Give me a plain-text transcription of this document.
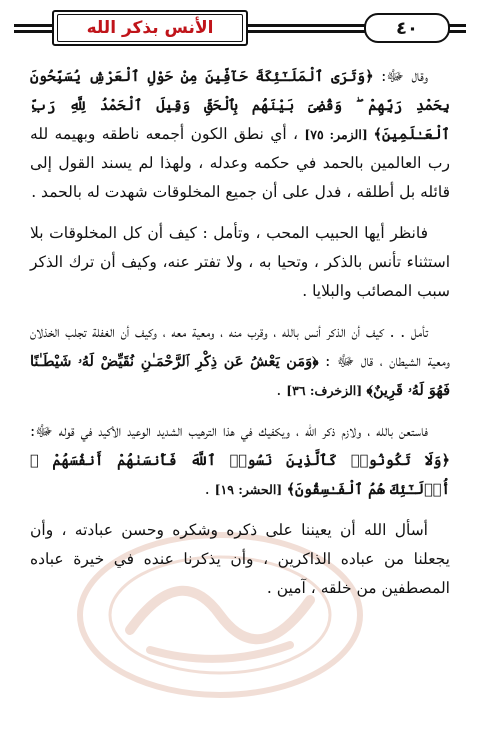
الأنس بذكر الله	٤٠

وقال ﷻ: ﴿وَتَرَى ٱلْمَلَـٰٓئِكَةَ حَآفِّينَ مِنْ حَوْلِ ٱلْعَرْشِ يُسَبِّحُونَ بِحَمْدِ رَبِّهِمْ ۖ وَقُضِىَ بَيْنَهُم بِٱلْحَقِّ وَقِيلَ ٱلْحَمْدُ لِلَّهِ رَبِّ ٱلْعَـٰلَمِينَ﴾ [الزمر: ٧٥] ، أي نطق الكون أجمعه ناطقه وبهيمه لله رب العالمين بالحمد في حكمه وعدله ، ولهذا لم يسند القول إلى قائله بل أطلقه ، فدل على أن جميع المخلوقات شهدت له بالحمد .

فانظر أيها الحبيب المحب ، وتأمل : كيف أن كل المخلوقات بلا استثناء تأنس بالذكر ، وتحيا به ، ولا تفتر عنه، وكيف أن ترك الذكر سبب المصائب والبلايا .

تأمل . . كيف أن الذكر أنس بالله ، وقرب منه ، ومعية معه ، وكيف أن الغفلة تجلب الخذلان ومعية الشيطان ، قال ﷻ : ﴿وَمَن يَعْشُ عَن ذِكْرِ ٱلرَّحْمَـٰنِ نُقَيِّضْ لَهُۥ شَيْطَـٰنًا فَهُوَ لَهُۥ قَرِينٌ﴾ [الزخرف: ٣٦] .

فاستعن بالله ، ولازم ذكر الله ، ويكفيك في هذا الترهيب الشديد الوعيد الأكيد في قوله ﷻ: ﴿وَلَا تَكُونُوا۟ كَٱلَّذِينَ نَسُوا۟ ٱللَّهَ فَأَنسَىٰهُمْ أَنفُسَهُمْ ۚ أُو۟لَـٰٓئِكَ هُمُ ٱلْفَـٰسِقُونَ﴾ [الحشر: ١٩] .

أسأل الله أن يعيننا على ذكره وشكره وحسن عبادته ، وأن يجعلنا من عباده الذاكرين ، وأن يذكرنا عنده في خيرة عباده المصطفين من خلقه ، آمين .
